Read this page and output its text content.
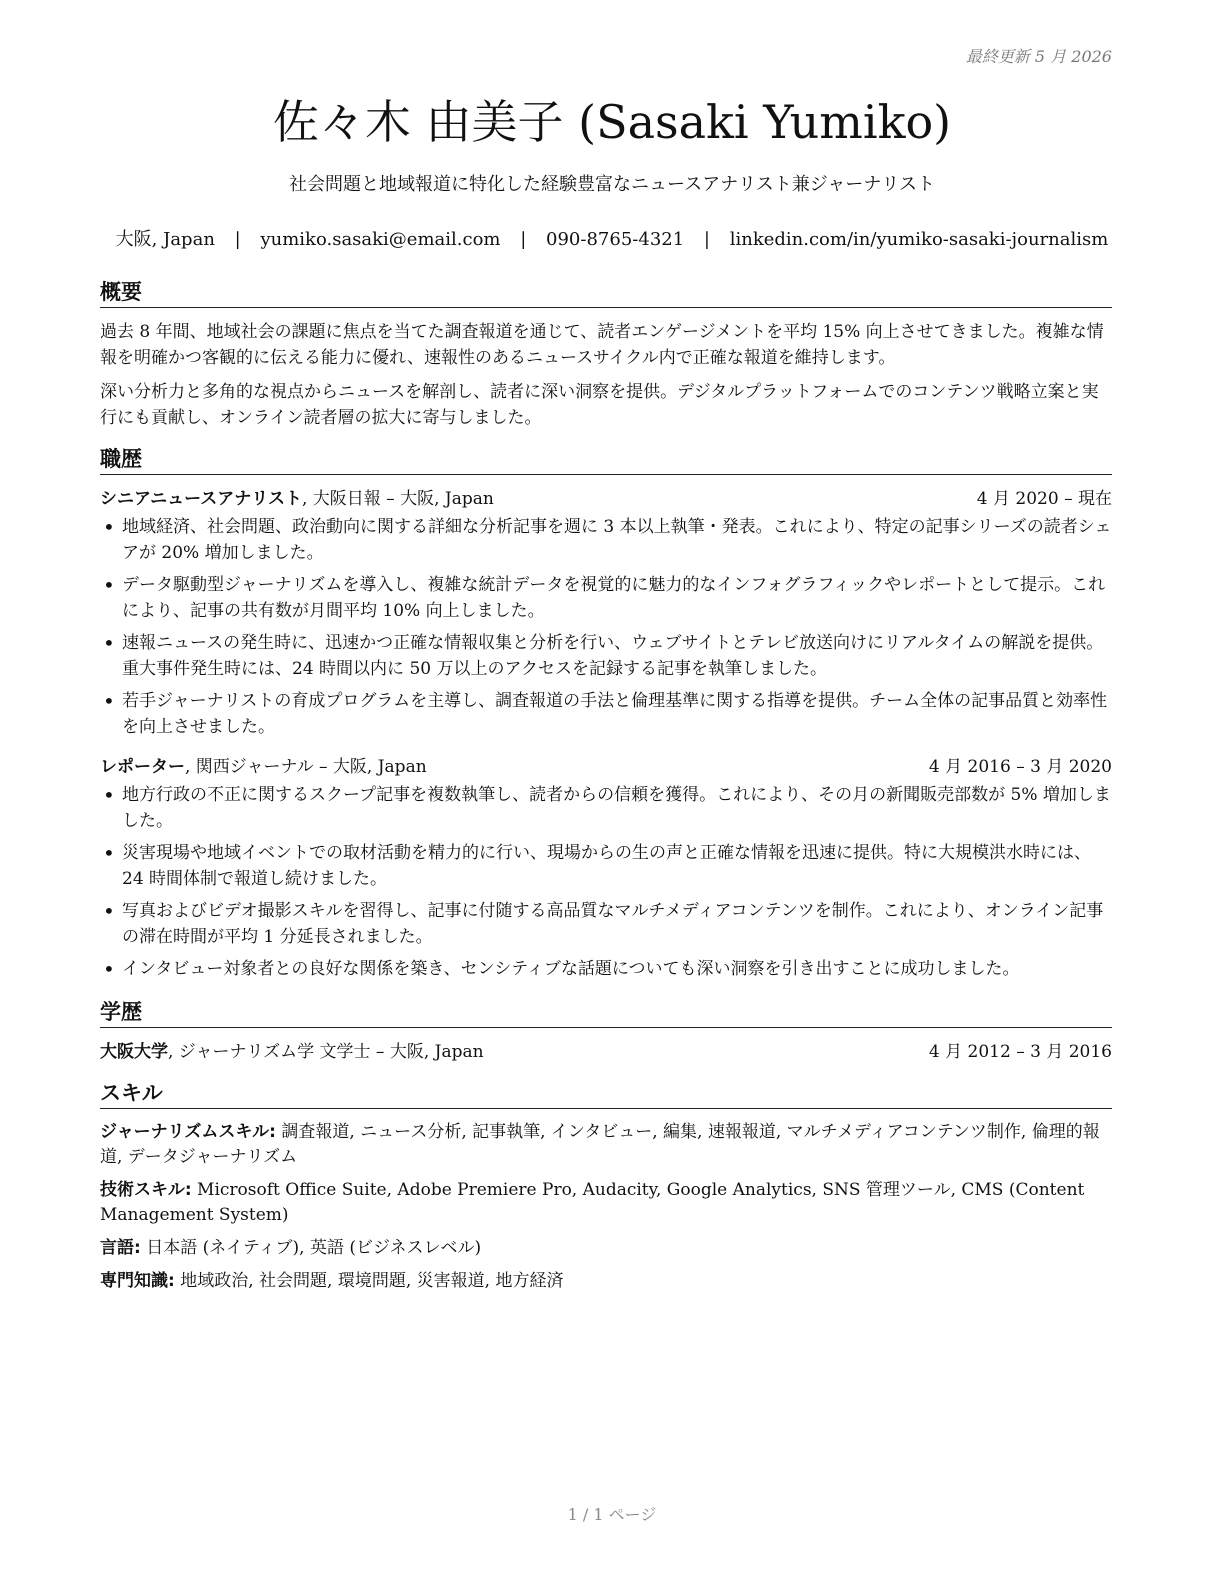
最終更新 5 月 2026
佐々木 由美子 (Sasaki Yumiko)
社会問題と地域報道に特化した経験豊富なニュースアナリスト兼ジャーナリスト
大阪, Japan | yumiko.sasaki@email.com | 090-8765-4321 | linkedin.com/in/yumiko-sasaki-journalism
概要

過去 8 年間、地域社会の課題に焦点を当てた調査報道を通じて、読者エンゲージメントを平均 15% 向上させてきました。複雑な情報を明確かつ客観的に伝える能力に優れ、速報性のあるニュースサイクル内で正確な報道を維持します。

深い分析力と多角的な視点からニュースを解剖し、読者に深い洞察を提供。デジタルプラットフォームでのコンテンツ戦略立案と実行にも貢献し、オンライン読者層の拡大に寄与しました。

職歴
シニアニュースアナリスト, 大阪日報 – 大阪, Japan	4 月 2020 – 現在
• 地域経済、社会問題、政治動向に関する詳細な分析記事を週に 3 本以上執筆・発表。これにより、特定の記事シリーズの読者シェアが 20% 増加しました。
• データ駆動型ジャーナリズムを導入し、複雑な統計データを視覚的に魅力的なインフォグラフィックやレポートとして提示。これにより、記事の共有数が月間平均 10% 向上しました。
• 速報ニュースの発生時に、迅速かつ正確な情報収集と分析を行い、ウェブサイトとテレビ放送向けにリアルタイムの解説を提供。重大事件発生時には、24 時間以内に 50 万以上のアクセスを記録する記事を執筆しました。
• 若手ジャーナリストの育成プログラムを主導し、調査報道の手法と倫理基準に関する指導を提供。チーム全体の記事品質と効率性を向上させました。
レポーター, 関西ジャーナル – 大阪, Japan	4 月 2016 – 3 月 2020
• 地方行政の不正に関するスクープ記事を複数執筆し、読者からの信頼を獲得。これにより、その月の新聞販売部数が 5% 増加しました。
• 災害現場や地域イベントでの取材活動を精力的に行い、現場からの生の声と正確な情報を迅速に提供。特に大規模洪水時には、24 時間体制で報道し続けました。
• 写真およびビデオ撮影スキルを習得し、記事に付随する高品質なマルチメディアコンテンツを制作。これにより、オンライン記事の滞在時間が平均 1 分延長されました。
• インタビュー対象者との良好な関係を築き、センシティブな話題についても深い洞察を引き出すことに成功しました。
学歴
大阪大学, ジャーナリズム学 文学士 – 大阪, Japan	4 月 2012 – 3 月 2016
スキル
ジャーナリズムスキル: 調査報道, ニュース分析, 記事執筆, インタビュー, 編集, 速報報道, マルチメディアコンテンツ制作, 倫理的報道, データジャーナリズム
技術スキル: Microsoft Office Suite, Adobe Premiere Pro, Audacity, Google Analytics, SNS 管理ツール, CMS (Content Management System)
言語: 日本語 (ネイティブ), 英語 (ビジネスレベル)
専門知識: 地域政治, 社会問題, 環境問題, 災害報道, 地方経済
1 / 1 ページ
